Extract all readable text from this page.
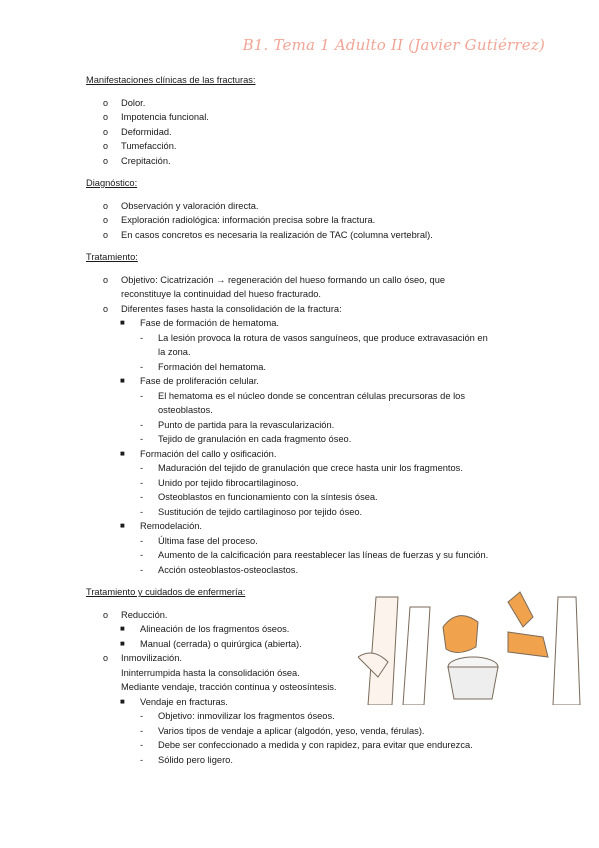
B1. Tema 1 Adulto II (Javier Gutiérrez)

Manifestaciones clínicas de las fracturas:

o Dolor.
o Impotencia funcional.
o Deformidad.
o Tumefacción.
o Crepitación.

Diagnóstico:

o Observación y valoración directa.
o Exploración radiológica: información precisa sobre la fractura.
o En casos concretos es necesaria la realización de TAC (columna vertebral).

Tratamiento:

o Objetivo: Cicatrización → regeneración del hueso formando un callo óseo, que
reconstituye la continuidad del hueso fracturado.
o Diferentes fases hasta la consolidación de la fractura:
■ Fase de formación de hematoma.
- La lesión provoca la rotura de vasos sanguíneos, que produce extravasación en
la zona.
- Formación del hematoma.
■ Fase de proliferación celular.
- El hematoma es el núcleo donde se concentran células precursoras de los
osteoblastos.
- Punto de partida para la revascularización.
- Tejido de granulación en cada fragmento óseo.
■ Formación del callo y osificación.
- Maduración del tejido de granulación que crece hasta unir los fragmentos.
- Unido por tejido fibrocartilaginoso.
- Osteoblastos en funcionamiento con la síntesis ósea.
- Sustitución de tejido cartilaginoso por tejido óseo.
■ Remodelación.
- Última fase del proceso.
- Aumento de la calcificación para reestablecer las líneas de fuerzas y su función.
- Acción osteoblastos-osteoclastos.

Tratamiento y cuidados de enfermería:

o Reducción.
■ Alineación de los fragmentos óseos.
■ Manual (cerrada) o quirúrgica (abierta).
o Inmovilización.
Ininterrumpida hasta la consolidación ósea.
Mediante vendaje, tracción continua y osteosíntesis.
■ Vendaje en fracturas.
- Objetivo: inmovilizar los fragmentos óseos.
- Varios tipos de vendaje a aplicar (algodón, yeso, venda, férulas).
- Debe ser confeccionado a medida y con rapidez, para evitar que endurezca.
- Sólido pero ligero.
